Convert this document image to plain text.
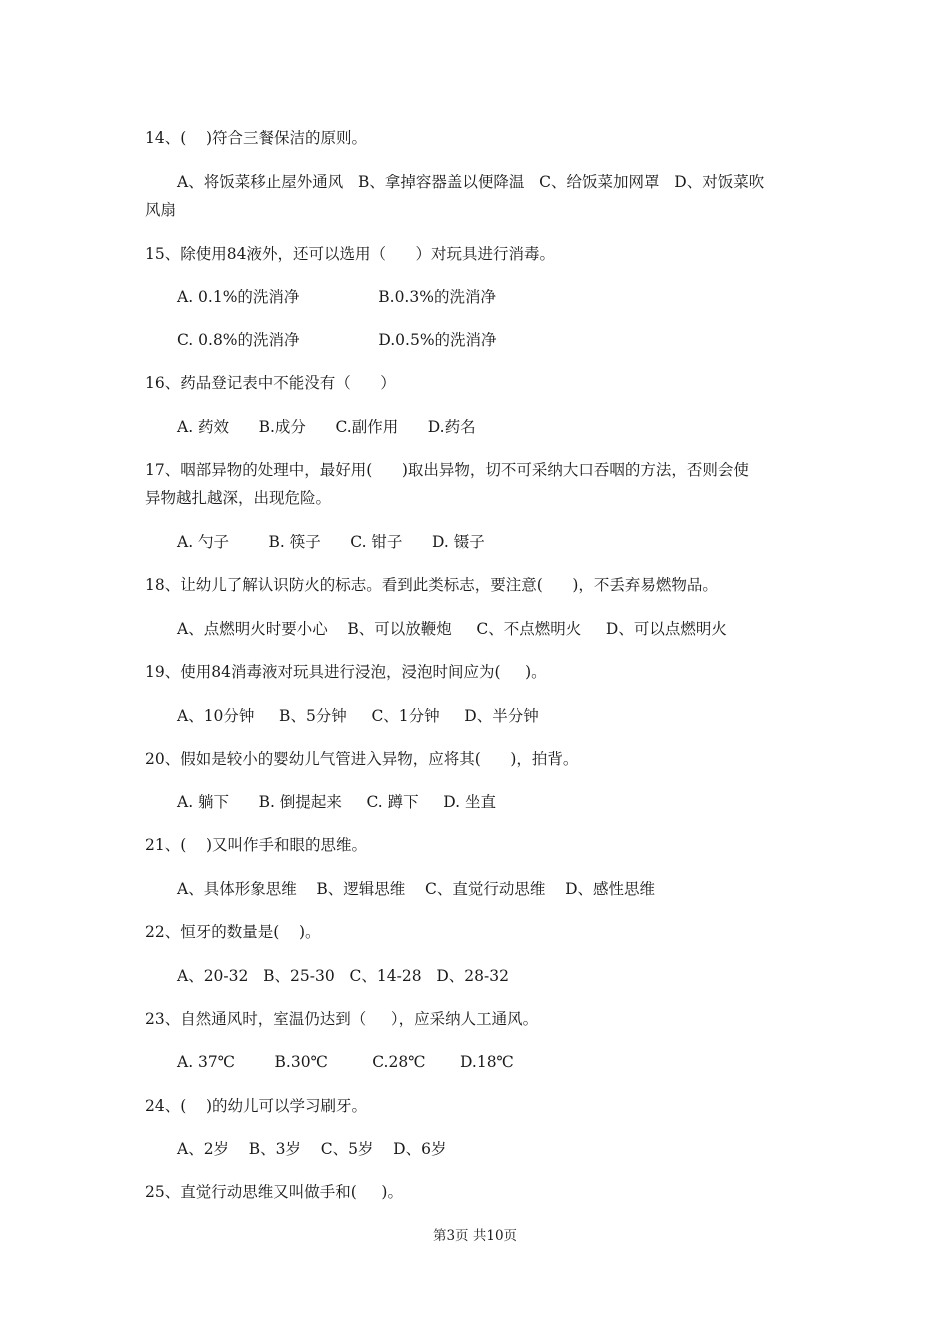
14、(    )符合三餐保洁的原则。
A、将饭菜移止屋外通风   B、拿掉容器盖以便降温   C、给饭菜加网罩   D、对饭菜吹
风扇
15、除使用84液外，还可以选用（      ）对玩具进行消毒。
A. 0.1%的洗消净                B.0.3%的洗消净
C. 0.8%的洗消净                D.0.5%的洗消净
16、药品登记表中不能没有（      ）
A. 药效      B.成分      C.副作用      D.药名
17、咽部异物的处理中，最好用(      )取出异物，切不可采纳大口吞咽的方法，否则会使
异物越扎越深，出现危险。
A. 勺子        B. 筷子      C. 钳子      D. 镊子
18、让幼儿了解认识防火的标志。看到此类标志，要注意(      )，不丢弃易燃物品。
A、点燃明火时要小心    B、可以放鞭炮     C、不点燃明火     D、可以点燃明火
19、使用84消毒液对玩具进行浸泡，浸泡时间应为(     )。
A、10分钟     B、5分钟     C、1分钟     D、半分钟
20、假如是较小的婴幼儿气管进入异物，应将其(      )，拍背。
A. 躺下      B. 倒提起来     C. 蹲下     D. 坐直
21、(    )又叫作手和眼的思维。
A、具体形象思维    B、逻辑思维    C、直觉行动思维    D、感性思维
22、恒牙的数量是(    )。
A、20-32   B、25-30   C、14-28   D、28-32
23、自然通风时，室温仍达到（     ），应采纳人工通风。
A. 37℃        B.30℃         C.28℃       D.18℃
24、(    )的幼儿可以学习刷牙。
A、2岁    B、3岁    C、5岁    D、6岁
25、直觉行动思维又叫做手和(     )。
第3页 共10页
